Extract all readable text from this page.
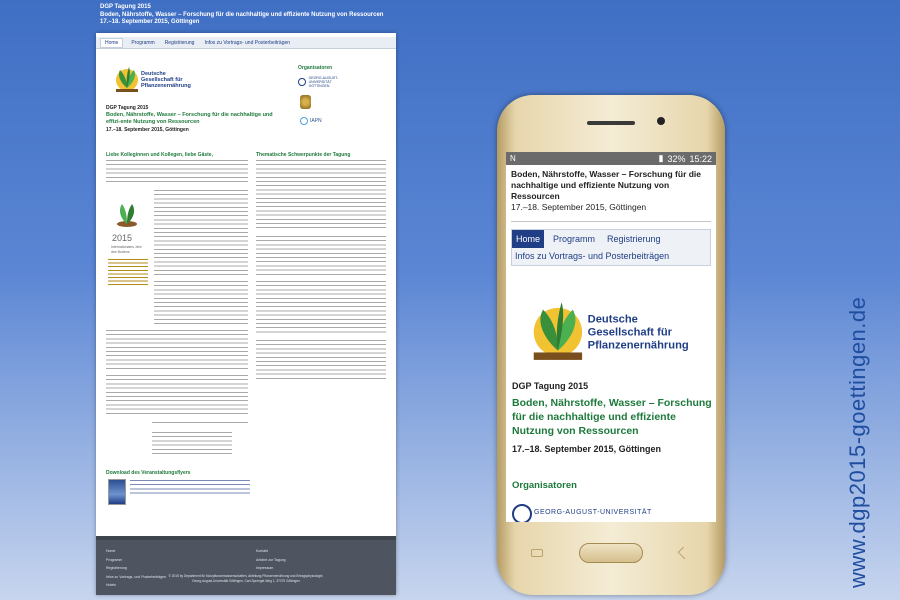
DGP Tagung 2015
Boden, Nährstoffe, Wasser – Forschung für die nachhaltige und effiziente Nutzung von Ressourcen
17.–18. September 2015, Göttingen
Home	Programm Registrierung Infos zu Vortrags- und Posterbeiträgen
Deutsche
Gesellschaft für
Pflanzenernährung
Organisatoren
GEORG-AUGUST-UNIVERSITÄT
GÖTTINGEN
IAPN
DGP Tagung 2015
Boden, Nährstoffe, Wasser – Forschung für die nachhaltige und effizi-ente Nutzung von Ressourcen
17.–18. September 2015, Göttingen
Liebe Kolleginnen und Kollegen, liebe Gäste,	Thematische Schwerpunkte der Tagung
2015
Internationales Jahr des Bodens
Download des Veranstaltungsflyers
Home
Programm
Registrierung
Infos zu Vortrags- und Posterbeiträgen
Hotels
Kontakt
Anfahrt zur Tagung
Impressum
© 2015 by Department für Nutzpflanzenwissenschaften, Abteilung Pflanzenernährung und Ertragsphysiologie,
Georg-August-Universität Göttingen, Carl-Sprengel-Weg 1, 37075 Göttingen
N	▮ 32% 15:22
Boden, Nährstoffe, Wasser – Forschung für die nachhaltige und effiziente Nutzung von Ressourcen
17.–18. September 2015, Göttingen
Home	Programm	Registrierung
Infos zu Vortrags- und Posterbeiträgen
Deutsche
Gesellschaft für
Pflanzenernährung
DGP Tagung 2015
Boden, Nährstoffe, Wasser – Forschung für die nachhaltige und effiziente Nutzung von Ressourcen
17.–18. September 2015, Göttingen
Organisatoren
GEORG-AUGUST-UNIVERSITÄT	www.dgp2015-goettingen.de
